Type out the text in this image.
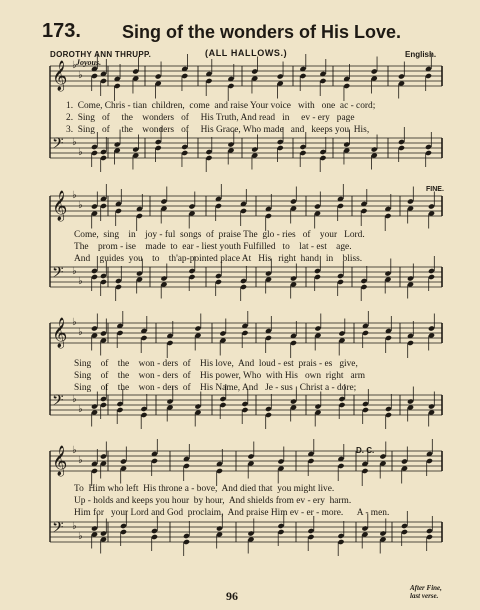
173. Sing of the wonders of His Love.
DOROTHY ANN THRUPP.	(ALL HALLOWS.)	English.
Joyous.
FINE.
D. C.
𝄞 ♭
♭
𝄢 ♭
♭
𝄞 ♭
♭
𝄢 ♭
♭
𝄞 ♭
♭
𝄢 ♭
♭
𝄞 ♭
♭
𝄢 ♭
♭
1.  Come, Chris - tian  children,  come  and raise Your voice   with   one  ac - cord;
2.  Sing   of     the    wonders   of     His Truth, And read   in     ev - ery   page
3.  Sing   of     the    wonders   of     His Grace, Who made   and   keeps you  His,
Come,  sing    in    joy - ful  songs  of  praise The  glo - ries   of    your   Lord.
The    prom - ise    made  to  ear - liest youth Fulfilled   to    lat - est    age.
And    guides  you    to    th'ap-pointed place At   His   right  hand   in    bliss.
Sing    of    the    won - ders  of    His love,  And  loud - est  prais - es   give,
Sing    of    the    won - ders  of    His power, Who  with His   own  right   arm
Sing    of    the    won - ders  of    His Name, And   Je - sus   Christ a - dore;
To  Him who left  His throne a - bove,  And died that  you might live.
Up - holds and keeps you hour  by hour,  And shields from ev - ery  harm.
Him for   your Lord and God  proclaim,  And praise Him ev - er - more.      A - men.
96
After Fine,
last verse.
